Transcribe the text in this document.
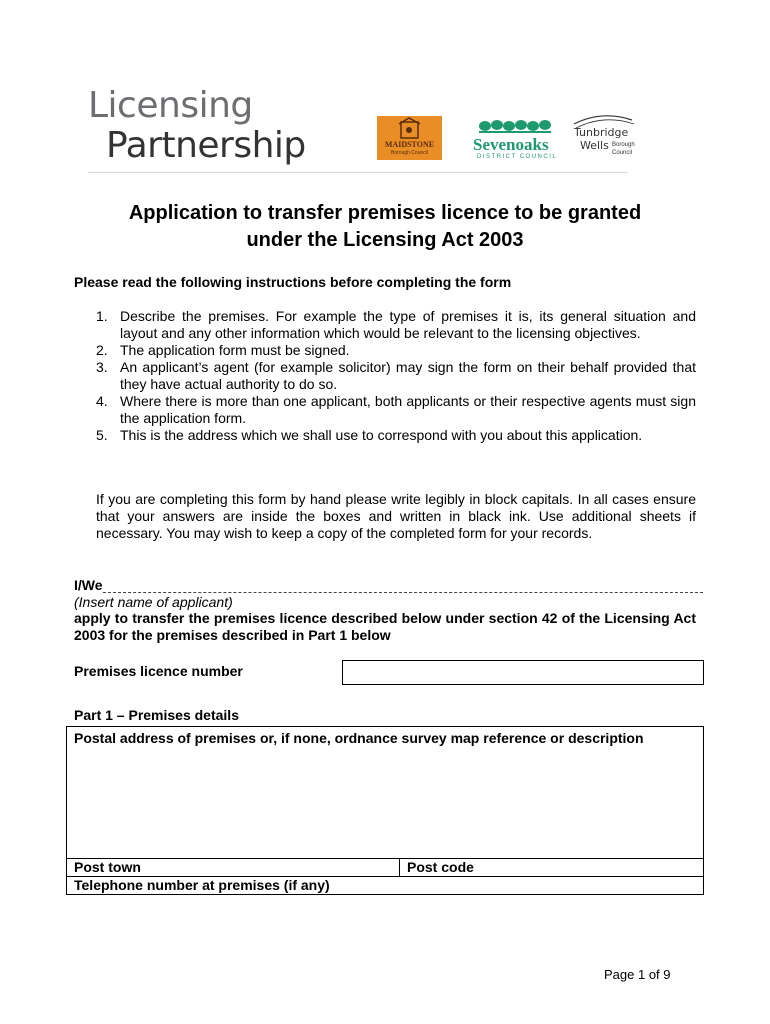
Licensing
Partnership	MAIDSTONE
Borough Council	Sevenoaks
DISTRICT COUNCIL
Tunbridge
Wells Borough
Council
Application to transfer premises licence to be granted
under the Licensing Act 2003
Please read the following instructions before completing the form
1. Describe the premises. For example the type of premises it is, its general situation and layout and any other information which would be relevant to the licensing objectives.
2. The application form must be signed.
3. An applicant’s agent (for example solicitor) may sign the form on their behalf provided that they have actual authority to do so.
4. Where there is more than one applicant, both applicants or their respective agents must sign the application form.
5. This is the address which we shall use to correspond with you about this application.
If you are completing this form by hand please write legibly in block capitals. In all cases ensure that your answers are inside the boxes and written in black ink. Use additional sheets if necessary. You may wish to keep a copy of the completed form for your records.
I/We
(Insert name of applicant)
apply to transfer the premises licence described below under section 42 of the Licensing Act 2003 for the premises described in Part 1 below
Premises licence number
Part 1 – Premises details
Postal address of premises or, if none, ordnance survey map reference or description
Post town	Post code
Telephone number at premises (if any)
Page 1 of 9
